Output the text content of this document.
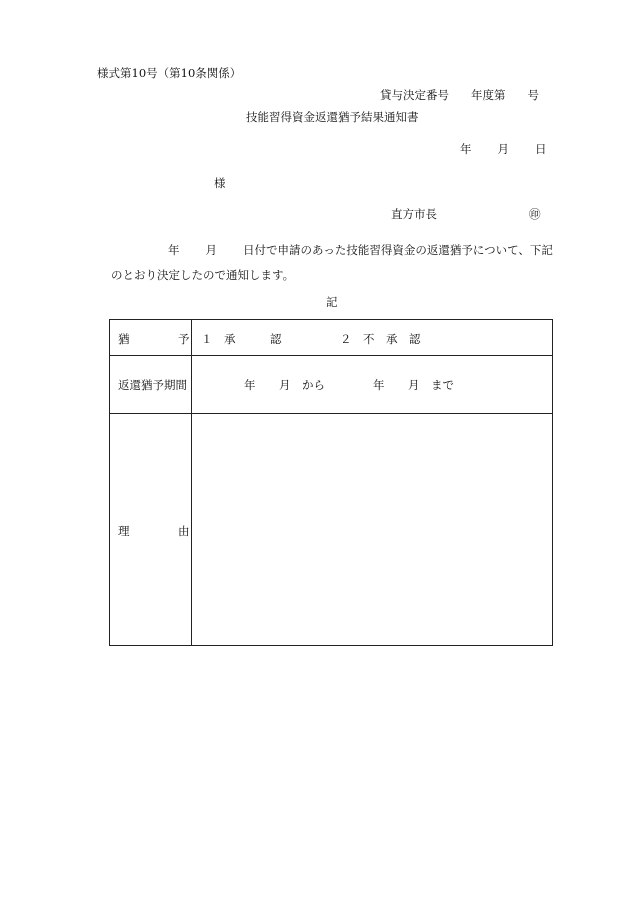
様式第10号（第10条関係）
貸与決定番号 年度第 号
技能習得資金返還猶予結果通知書
年 月 日
様
直方市長	㊞
年 月 日付で申請のあった技能習得資金の返還猶予について、下記のとおり決定したので通知します。
記
猶	予 １　承　　　認	２　不　承　認
返還猶予期間	年 月 から	年 月 まで
理	由
